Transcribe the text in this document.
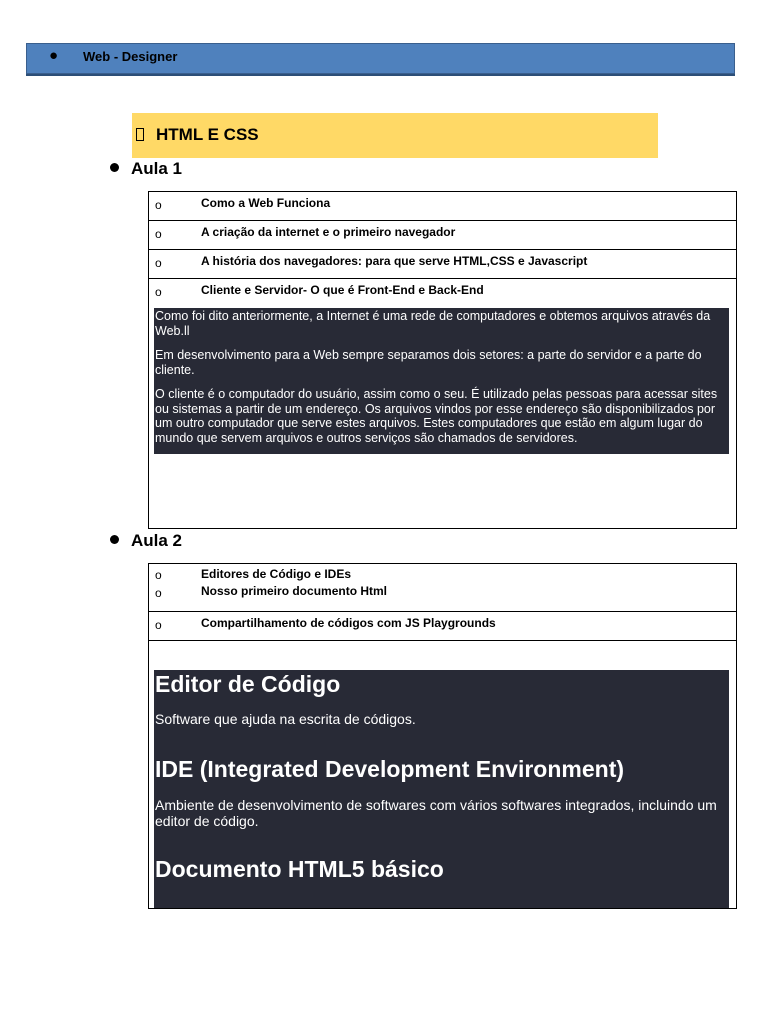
● Web - Designer
HTML E CSS
Aula 1
o	Como a Web Funciona
o	A criação da internet e o primeiro navegador
o	A história dos navegadores: para que serve HTML,CSS e Javascript
o	Cliente e Servidor- O que é Front-End e Back-End

Como foi dito anteriormente, a Internet é uma rede de computadores e obtemos arquivos através da Web.ll

Em desenvolvimento para a Web sempre separamos dois setores: a parte do servidor e a parte do cliente.

O cliente é o computador do usuário, assim como o seu. É utilizado pelas pessoas para acessar sites ou sistemas a partir de um endereço. Os arquivos vindos por esse endereço são disponibilizados por um outro computador que serve estes arquivos. Estes computadores que estão em algum lugar do mundo que servem arquivos e outros serviços são chamados de servidores.

Aula 2
o	Editores de Código e IDEs
o	Nosso primeiro documento Html
o	Compartilhamento de códigos com JS Playgrounds
Editor de Código

Software que ajuda na escrita de códigos.

IDE (Integrated Development Environment)

Ambiente de desenvolvimento de softwares com vários softwares integrados, incluindo um editor de código.

Documento HTML5 básico
